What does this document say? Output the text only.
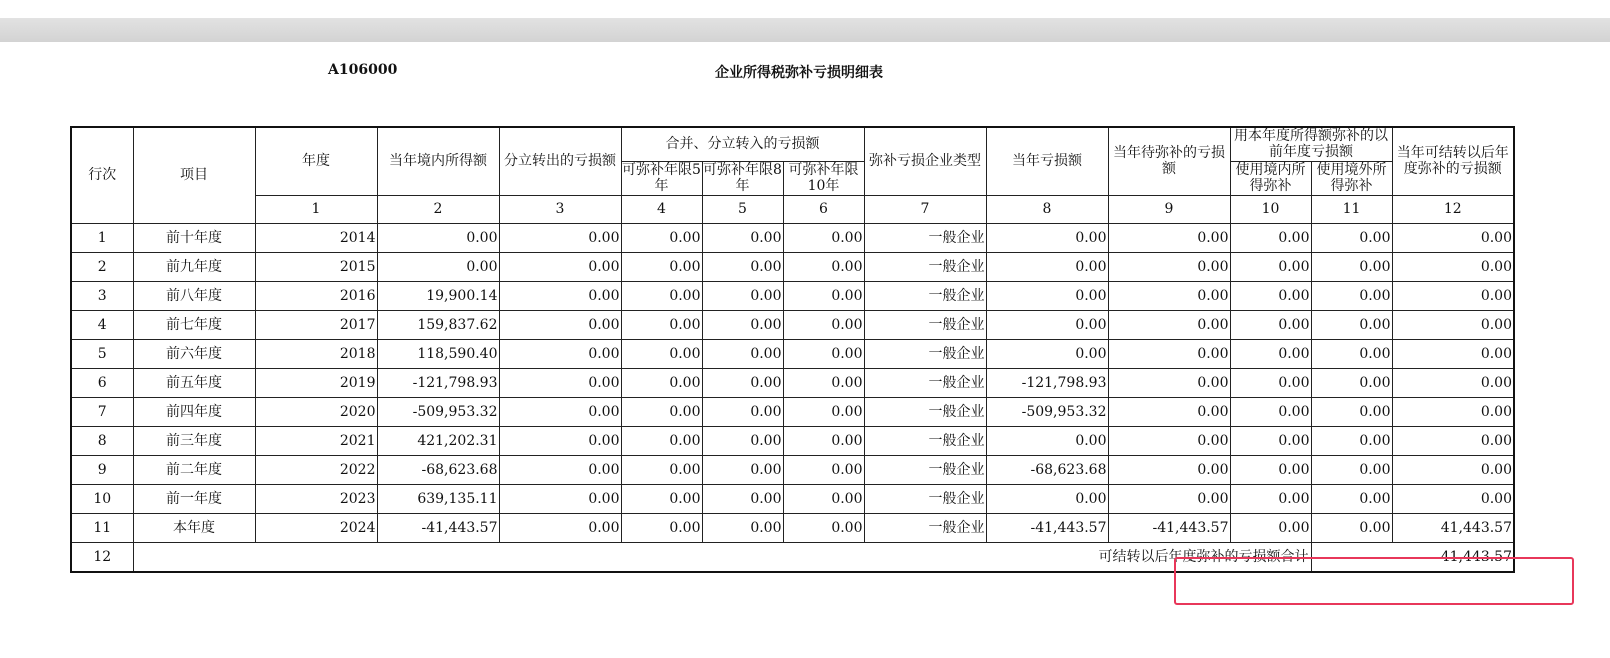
A106000	企业所得税弥补亏损明细表
行次	项目	年度	当年境内所得额	分立转出的亏损额	合并、分立转入的亏损额			弥补亏损企业类型	当年亏损额	当年待弥补的亏损额	用本年度所得额弥补的以前年度亏损额		当年可结转以后年度弥补的亏损额
					可弥补年限5年	可弥补年限8年	可弥补年限10年				使用境内所得弥补	使用境外所得弥补	
		1	2	3	4	5	6	7	8	9	10	11	12
1	前十年度	2014	0.00	0.00	0.00	0.00	0.00	一般企业	0.00	0.00	0.00	0.00	0.00
2	前九年度	2015	0.00	0.00	0.00	0.00	0.00	一般企业	0.00	0.00	0.00	0.00	0.00
3	前八年度	2016	19,900.14	0.00	0.00	0.00	0.00	一般企业	0.00	0.00	0.00	0.00	0.00
4	前七年度	2017	159,837.62	0.00	0.00	0.00	0.00	一般企业	0.00	0.00	0.00	0.00	0.00
5	前六年度	2018	118,590.40	0.00	0.00	0.00	0.00	一般企业	0.00	0.00	0.00	0.00	0.00
6	前五年度	2019	-121,798.93	0.00	0.00	0.00	0.00	一般企业	-121,798.93	0.00	0.00	0.00	0.00
7	前四年度	2020	-509,953.32	0.00	0.00	0.00	0.00	一般企业	-509,953.32	0.00	0.00	0.00	0.00
8	前三年度	2021	421,202.31	0.00	0.00	0.00	0.00	一般企业	0.00	0.00	0.00	0.00	0.00
9	前二年度	2022	-68,623.68	0.00	0.00	0.00	0.00	一般企业	-68,623.68	0.00	0.00	0.00	0.00
10	前一年度	2023	639,135.11	0.00	0.00	0.00	0.00	一般企业	0.00	0.00	0.00	0.00	0.00
11	本年度	2024	-41,443.57	0.00	0.00	0.00	0.00	一般企业	-41,443.57	-41,443.57	0.00	0.00	41,443.57
12	可结转以后年度弥补的亏损额合计											41,443.57	
